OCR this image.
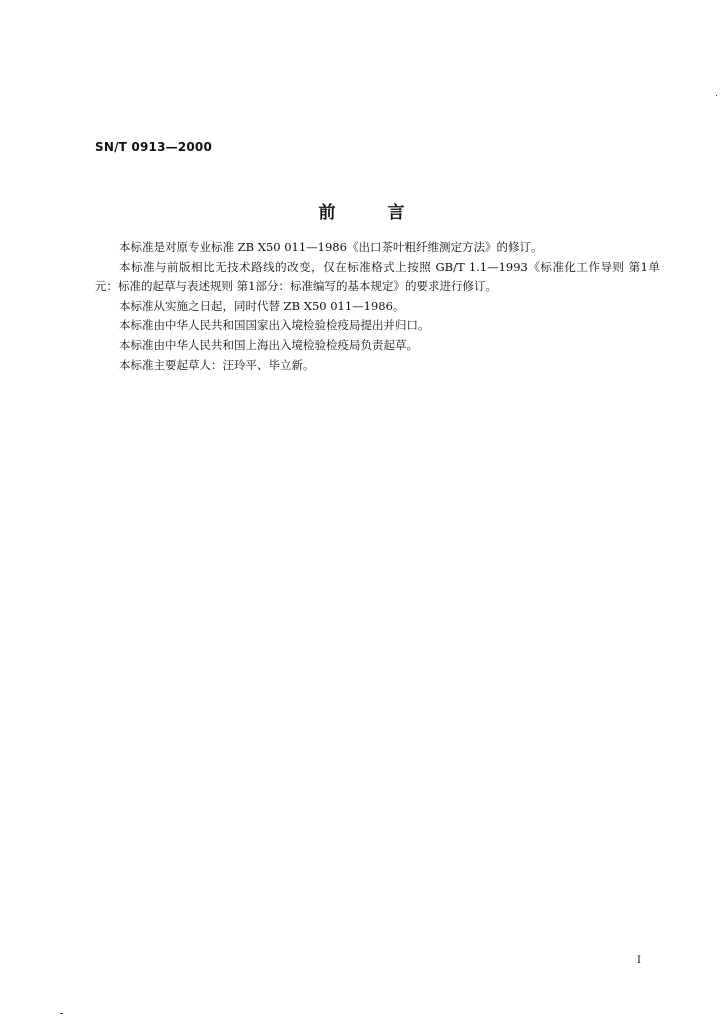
SN/T 0913—2000
前	言

本标准是对原专业标准 ZB X50 011—1986《出口茶叶粗纤维测定方法》的修订。

本标准与前版相比无技术路线的改变，仅在标准格式上按照 GB/T 1.1—1993《标准化工作导则 第1单元：标准的起草与表述规则 第1部分：标准编写的基本规定》的要求进行修订。

本标准从实施之日起，同时代替 ZB X50 011—1986。

本标准由中华人民共和国国家出入境检验检疫局提出并归口。

本标准由中华人民共和国上海出入境检验检疫局负责起草。

本标准主要起草人：汪玲平、毕立新。

I
